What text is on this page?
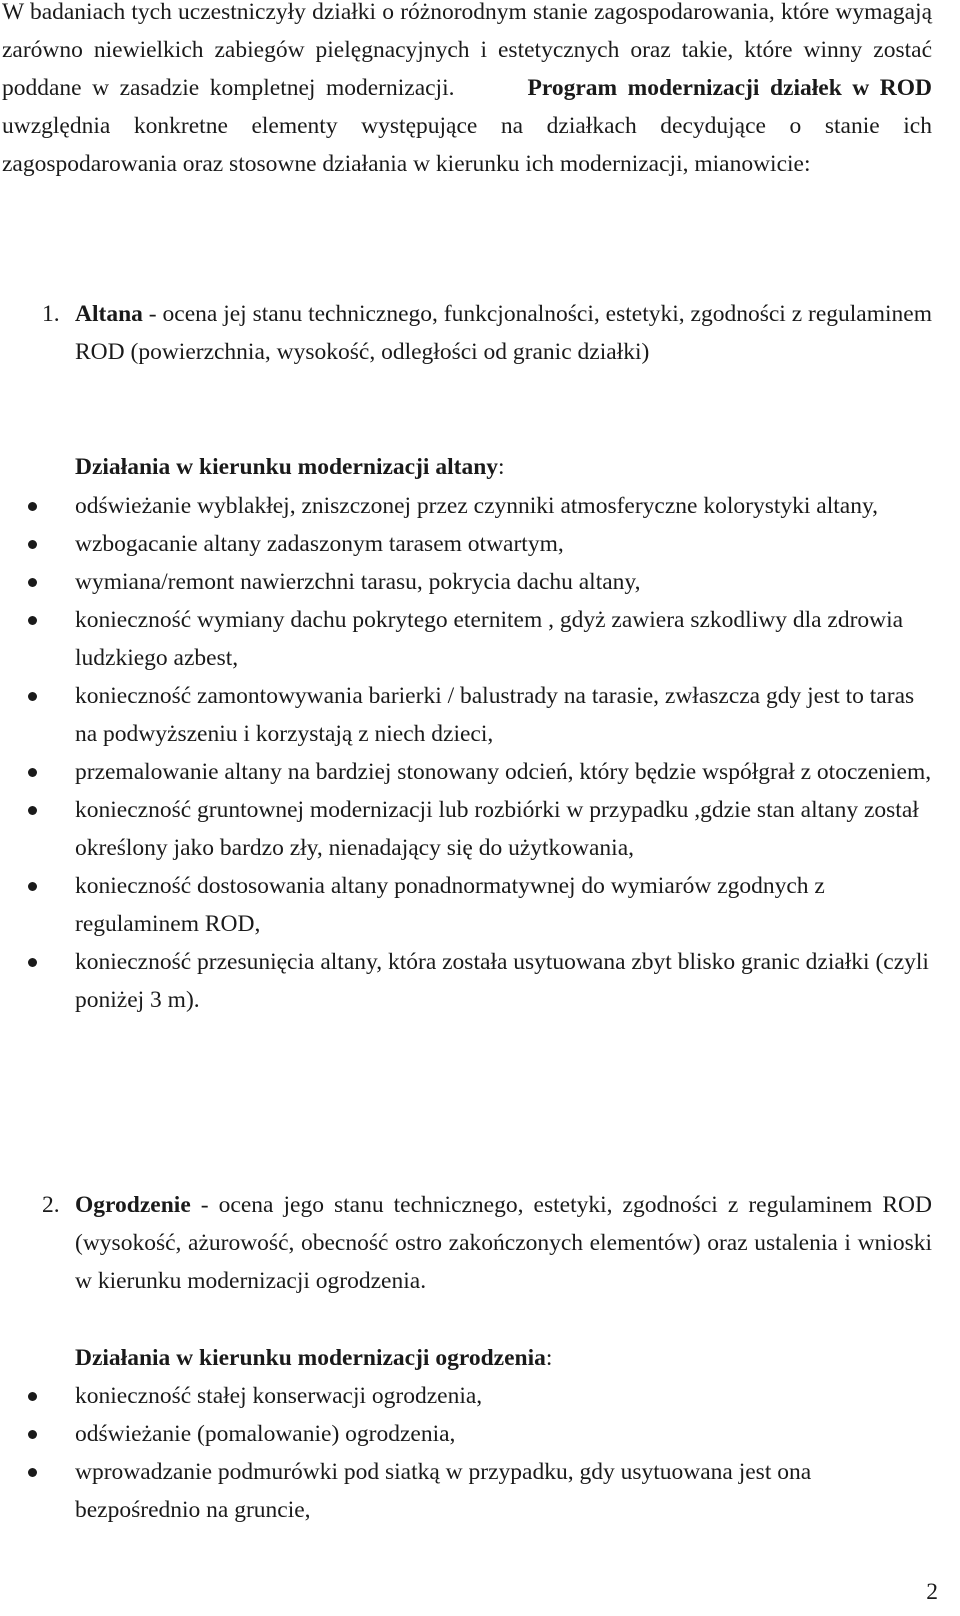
W badaniach tych uczestniczyły działki o różnorodnym stanie zagospodarowania, które wymagają zarówno niewielkich zabiegów pielęgnacyjnych i estetycznych oraz takie, które winny zostać poddane w zasadzie kompletnej modernizacji.	Program modernizacji działek w ROD uwzględnia konkretne elementy występujące na działkach decydujące o stanie ich zagospodarowania oraz stosowne działania w kierunku ich modernizacji, mianowicie:

1. Altana - ocena jej stanu technicznego, funkcjonalności, estetyki, zgodności z regulaminem ROD (powierzchnia, wysokość, odległości od granic działki)

Działania w kierunku modernizacji altany:
odświeżanie wyblakłej, zniszczonej przez czynniki atmosferyczne kolorystyki altany,
wzbogacanie altany zadaszonym tarasem otwartym,
wymiana/remont nawierzchni tarasu, pokrycia dachu altany,
konieczność wymiany dachu pokrytego eternitem , gdyż zawiera szkodliwy dla zdrowia ludzkiego azbest,
konieczność zamontowywania barierki / balustrady na tarasie, zwłaszcza gdy jest to taras na podwyższeniu i korzystają z niech dzieci,
przemalowanie altany na bardziej stonowany odcień, który będzie współgrał z otoczeniem,
konieczność gruntownej modernizacji lub rozbiórki w przypadku ,gdzie stan altany został określony jako bardzo zły, nienadający się do użytkowania,
konieczność dostosowania altany ponadnormatywnej do wymiarów zgodnych z regulaminem ROD,
konieczność przesunięcia altany, która została usytuowana zbyt blisko granic działki (czyli poniżej 3 m).
2. Ogrodzenie - ocena jego stanu technicznego, estetyki, zgodności z regulaminem ROD (wysokość, ażurowość, obecność ostro zakończonych elementów) oraz ustalenia i wnioski w kierunku modernizacji ogrodzenia.

Działania w kierunku modernizacji ogrodzenia:
konieczność stałej konserwacji ogrodzenia,
odświeżanie (pomalowanie) ogrodzenia,
wprowadzanie podmurówki pod siatką w przypadku, gdy usytuowana jest ona bezpośrednio na gruncie,
2
